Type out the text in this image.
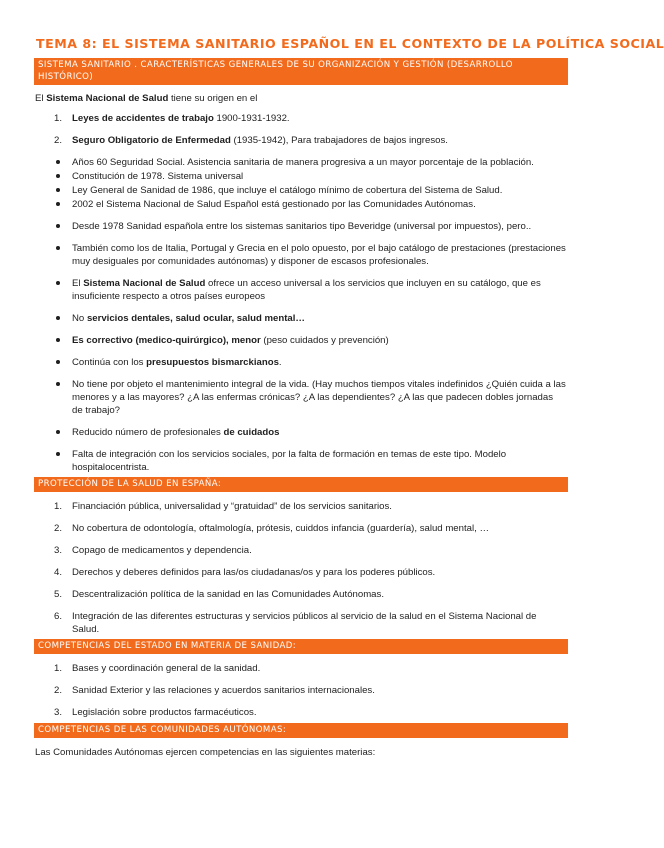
TEMA 8: EL SISTEMA SANITARIO ESPAÑOL EN EL CONTEXTO DE LA POLÍTICA SOCIAL
SISTEMA SANITARIO . CARACTERÍSTICAS GENERALES DE SU ORGANIZACIÓN Y GESTIÓN (DESARROLLO HISTÓRICO)
El Sistema Nacional de Salud tiene su origen en el
1. Leyes de accidentes de trabajo 1900-1931-1932.
2. Seguro Obligatorio de Enfermedad (1935-1942), Para trabajadores de bajos ingresos.
Años 60 Seguridad Social. Asistencia sanitaria de manera progresiva a un mayor porcentaje de la población.
Constitución de 1978. Sistema universal
Ley General de Sanidad de 1986, que incluye el catálogo mínimo de cobertura del Sistema de Salud.
2002 el Sistema Nacional de Salud Español está gestionado por las Comunidades Autónomas.
Desde 1978 Sanidad española entre los sistemas sanitarios tipo Beveridge (universal por impuestos), pero..
También como los de Italia, Portugal y Grecia en el polo opuesto, por el bajo catálogo de prestaciones (prestaciones muy desiguales por comunidades autónomas) y disponer de escasos profesionales.
El Sistema Nacional de Salud ofrece un acceso universal a los servicios que incluyen en su catálogo, que es insuficiente respecto a otros países europeos
No servicios dentales, salud ocular, salud mental…
Es correctivo (medico-quirúrgico), menor (peso cuidados y prevención)
Continúa con los presupuestos bismarckianos.
No tiene por objeto el mantenimiento integral de la vida. (Hay muchos tiempos vitales indefinidos ¿Quién cuida a las menores y a las mayores? ¿A las enfermas crónicas? ¿A las dependientes? ¿A las que padecen dobles jornadas de trabajo?
Reducido número de profesionales de cuidados
Falta de integración con los servicios sociales, por la falta de formación en temas de este tipo. Modelo hospitalocentrista.
PROTECCIÓN DE LA SALUD EN ESPAÑA:
1. Financiación pública, universalidad y “gratuidad” de los servicios sanitarios.
2. No cobertura de odontología, oftalmología, prótesis, cuiddos infancia (guardería), salud mental, …
3. Copago de medicamentos y dependencia.
4. Derechos y deberes definidos para las/os ciudadanas/os y para los poderes públicos.
5. Descentralización política de la sanidad en las Comunidades Autónomas.
6. Integración de las diferentes estructuras y servicios públicos al servicio de la salud en el Sistema Nacional de Salud.
COMPETENCIAS DEL ESTADO EN MATERIA DE SANIDAD:
1. Bases y coordinación general de la sanidad.
2. Sanidad Exterior y las relaciones y acuerdos sanitarios internacionales.
3. Legislación sobre productos farmacéuticos.
COMPETENCIAS DE LAS COMUNIDADES AUTÓNOMAS:
Las Comunidades Autónomas ejercen competencias en las siguientes materias:
